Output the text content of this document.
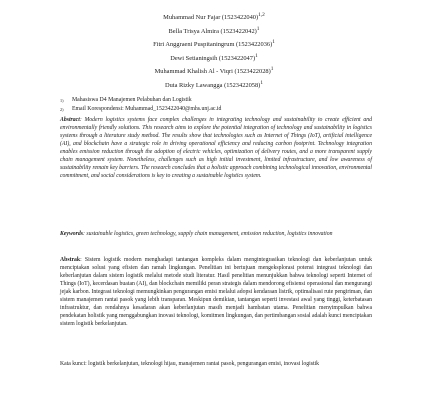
Muhammad Nur Fajar $(1523422040)^{1,2}$
Bella Trisya Almira $(1523422042)^1$
Fitri Anggraeni Puspitaningrum $(1523422036)^1$
Dewi Setianingsih $(1523422047)^1$
Muhammad Khalish Al - Viqri $(1523422028)^1$
Duta Rizky Lawangga $(1523422058)^1$
1)	Mahasiswa D4 Manajemen Pelabuhan dan Logistik
2)	Email Korespondensi: Muhammad_1523422040@mhs.unj.ac.id
Abstract: Modern logistics systems face complex challenges in integrating technology and sustainability to create efficient and environmentally friendly solutions. This research aims to explore the potential integration of technology and sustainability in logistics systems through a literature study method. The results show that technologies such as Internet of Things (IoT), artificial intelligence (AI), and blockchain have a strategic role in driving operational efficiency and reducing carbon footprint. Technology integration enables emission reduction through the adoption of electric vehicles, optimization of delivery routes, and a more transparent supply chain management system. Nonetheless, challenges such as high initial investment, limited infrastructure, and low awareness of sustainability remain key barriers. The research concludes that a holistic approach combining technological innovation, environmental commitment, and social considerations is key to creating a sustainable logistics system.
Keywords: sustainable logistics, green technology, supply chain management, emission reduction, logistics innovation
Abstrak: Sistem logistik modern menghadapi tantangan kompleks dalam mengintegrasikan teknologi dan keberlanjutan untuk menciptakan solusi yang efisien dan ramah lingkungan. Penelitian ini bertujuan mengeksplorasi potensi integrasi teknologi dan keberlanjutan dalam sistem logistik melalui metode studi literatur. Hasil penelitian menunjukkan bahwa teknologi seperti Internet of Things (IoT), kecerdasan buatan (AI), dan blockchain memiliki peran strategis dalam mendorong efisiensi operasional dan mengurangi jejak karbon. Integrasi teknologi memungkinkan pengurangan emisi melalui adopsi kendaraan listrik, optimalisasi rute pengiriman, dan sistem manajemen rantai pasok yang lebih transparan. Meskipun demikian, tantangan seperti investasi awal yang tinggi, keterbatasan infrastruktur, dan rendahnya kesadaran akan keberlanjutan masih menjadi hambatan utama. Penelitian menyimpulkan bahwa pendekatan holistik yang menggabungkan inovasi teknologi, komitmen lingkungan, dan pertimbangan sosial adalah kunci menciptakan sistem logistik berkelanjutan.
Kata kunci: logistik berkelanjutan, teknologi hijau, manajemen rantai pasok, pengurangan emisi, inovasi logistik
